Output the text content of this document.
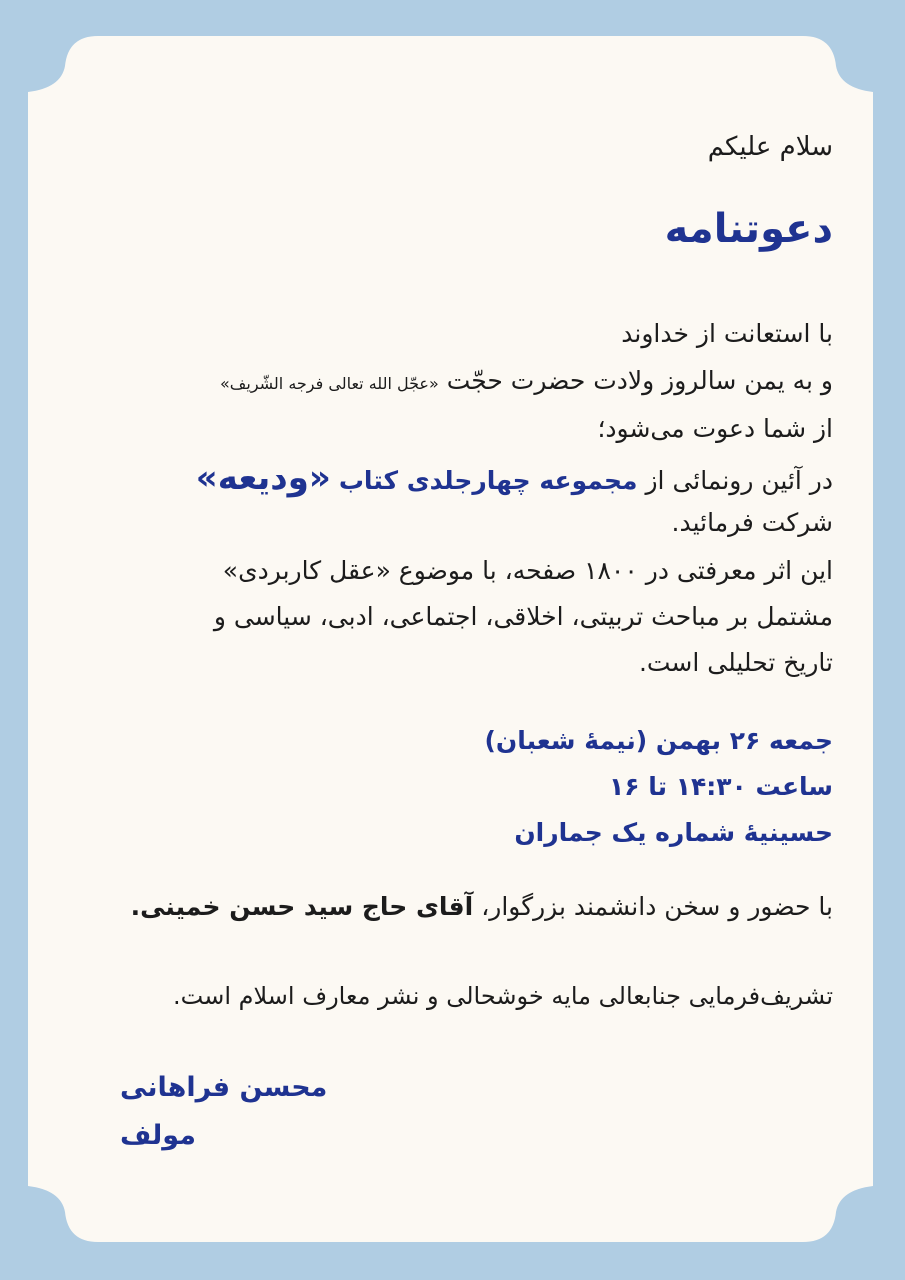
سلام علیکم
دعوتنامه
با استعانت از خداوند
و به یمن سالروز ولادت حضرت حجّت «عجّل الله تعالی فرجه الشّریف»
از شما دعوت می‌شود؛
در آئین رونمائی از مجموعه چهارجلدی کتاب «ودیعه»
شرکت فرمائید.
این اثر معرفتی در ۱۸۰۰ صفحه، با موضوع «عقل کاربردی»
مشتمل بر مباحث تربیتی، اخلاقی، اجتماعی، ادبی، سیاسی و
تاریخ تحلیلی است.
جمعه ۲۶ بهمن (نیمهٔ شعبان)
ساعت ۱۴:۳۰ تا ۱۶
حسینیهٔ شماره یک جماران
با حضور و سخن دانشمند بزرگوار، آقای حاج سید حسن خمینی.
تشریف‌فرمایی جنابعالی مایه خوشحالی و نشر معارف اسلام است.
محسن فراهانی
مولف
